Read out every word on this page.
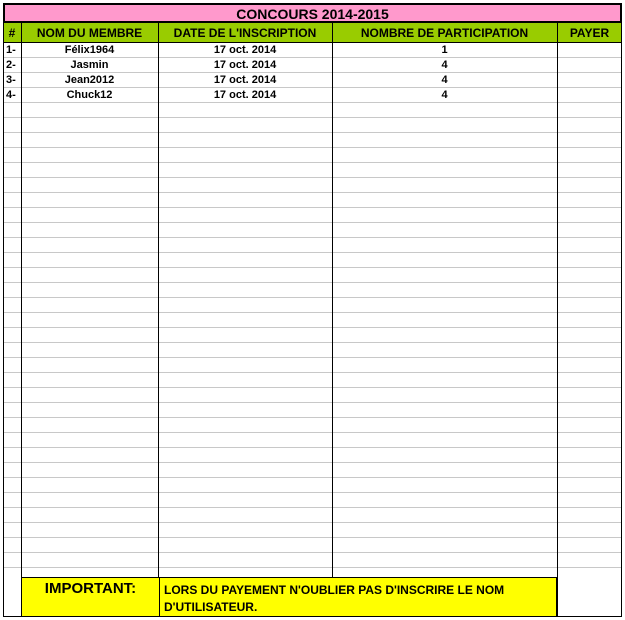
CONCOURS 2014-2015
#	NOM DU MEMBRE	DATE DE L'INSCRIPTION	NOMBRE DE PARTICIPATION	PAYER
1-	Félix1964	17 oct. 2014	1
2-	Jasmin	17 oct. 2014	4
3-	Jean2012	17 oct. 2014	4
4-	Chuck12	17 oct. 2014	4
IMPORTANT:	LORS DU PAYEMENT N'OUBLIER PAS D'INSCRIRE LE NOM D'UTILISATEUR.
